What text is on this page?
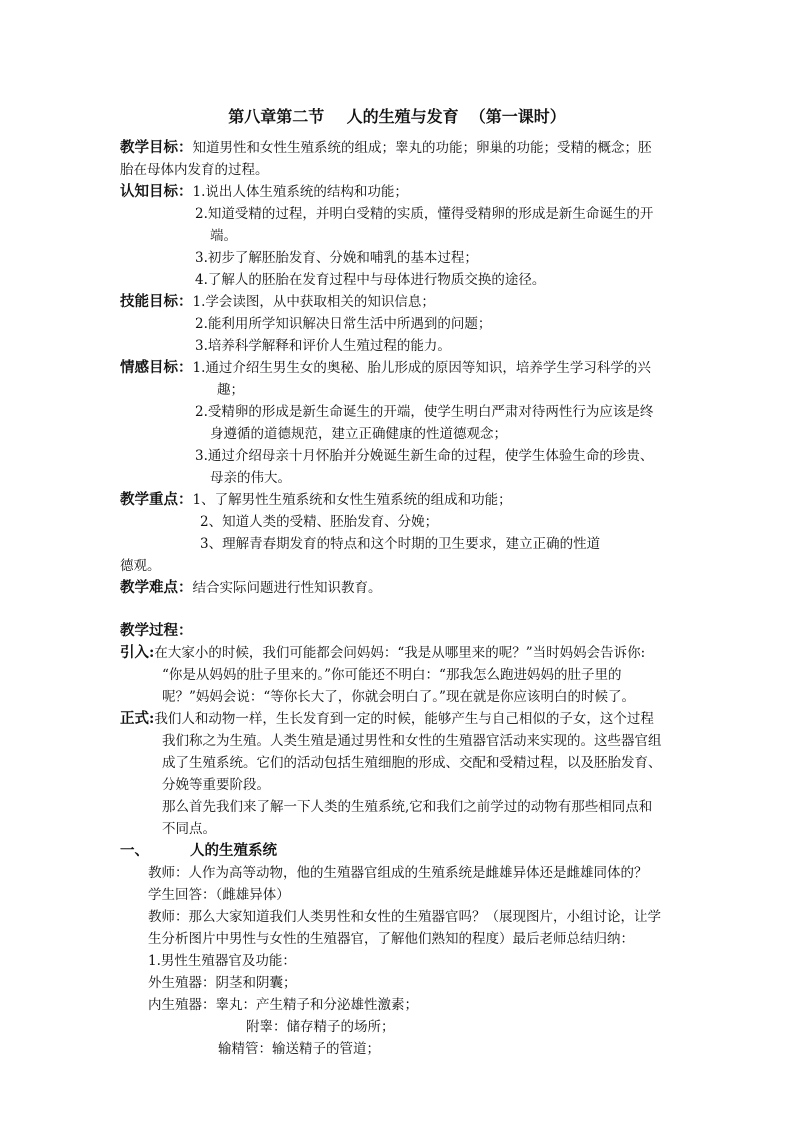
第八章第二节    人的生殖与发育  （第一课时）
教学目标：知道男性和女性生殖系统的组成；睾丸的功能；卵巢的功能；受精的概念；胚
胎在母体内发育的过程。
认知目标：1.说出人体生殖系统的结构和功能；
2.知道受精的过程，并明白受精的实质，懂得受精卵的形成是新生命诞生的开
端。
3.初步了解胚胎发育、分娩和哺乳的基本过程；
4.了解人的胚胎在发育过程中与母体进行物质交换的途径。
技能目标：1.学会读图，从中获取相关的知识信息；
2.能利用所学知识解决日常生活中所遇到的问题；
3.培养科学解释和评价人生殖过程的能力。
情感目标：1.通过介绍生男生女的奥秘、胎儿形成的原因等知识，培养学生学习科学的兴
趣；
2.受精卵的形成是新生命诞生的开端，使学生明白严肃对待两性行为应该是终
身遵循的道德规范，建立正确健康的性道德观念；
3.通过介绍母亲十月怀胎并分娩诞生新生命的过程，使学生体验生命的珍贵、
母亲的伟大。
教学重点：1、了解男性生殖系统和女性生殖系统的组成和功能；
2、知道人类的受精、胚胎发育、分娩；
3、理解青春期发育的特点和这个时期的卫生要求，建立正确的性道
德观。
教学难点：结合实际问题进行性知识教育。
教学过程：
引入:在大家小的时候，我们可能都会问妈妈：“我是从哪里来的呢？”当时妈妈会告诉你:
“你是从妈妈的肚子里来的。”你可能还不明白：“那我怎么跑进妈妈的肚子里的
呢？”妈妈会说：“等你长大了，你就会明白了。”现在就是你应该明白的时候了。
正式:我们人和动物一样，生长发育到一定的时候，能够产生与自己相似的子女，这个过程
我们称之为生殖。人类生殖是通过男性和女性的生殖器官活动来实现的。这些器官组
成了生殖系统。它们的活动包括生殖细胞的形成、交配和受精过程，以及胚胎发育、
分娩等重要阶段。
那么首先我们来了解一下人类的生殖系统,它和我们之前学过的动物有那些相同点和
不同点。
一、	人的生殖系统
教师：人作为高等动物，他的生殖器官组成的生殖系统是雌雄异体还是雌雄同体的？
学生回答：（雌雄异体）
教师：那么大家知道我们人类男性和女性的生殖器官吗？（展现图片，小组讨论，让学
生分析图片中男性与女性的生殖器官，了解他们熟知的程度）最后老师总结归纳：
1.男性生殖器官及功能：
外生殖器：阴茎和阴囊；
内生殖器：睾丸：产生精子和分泌雄性激素；
附睾：储存精子的场所；
输精管：输送精子的管道；
